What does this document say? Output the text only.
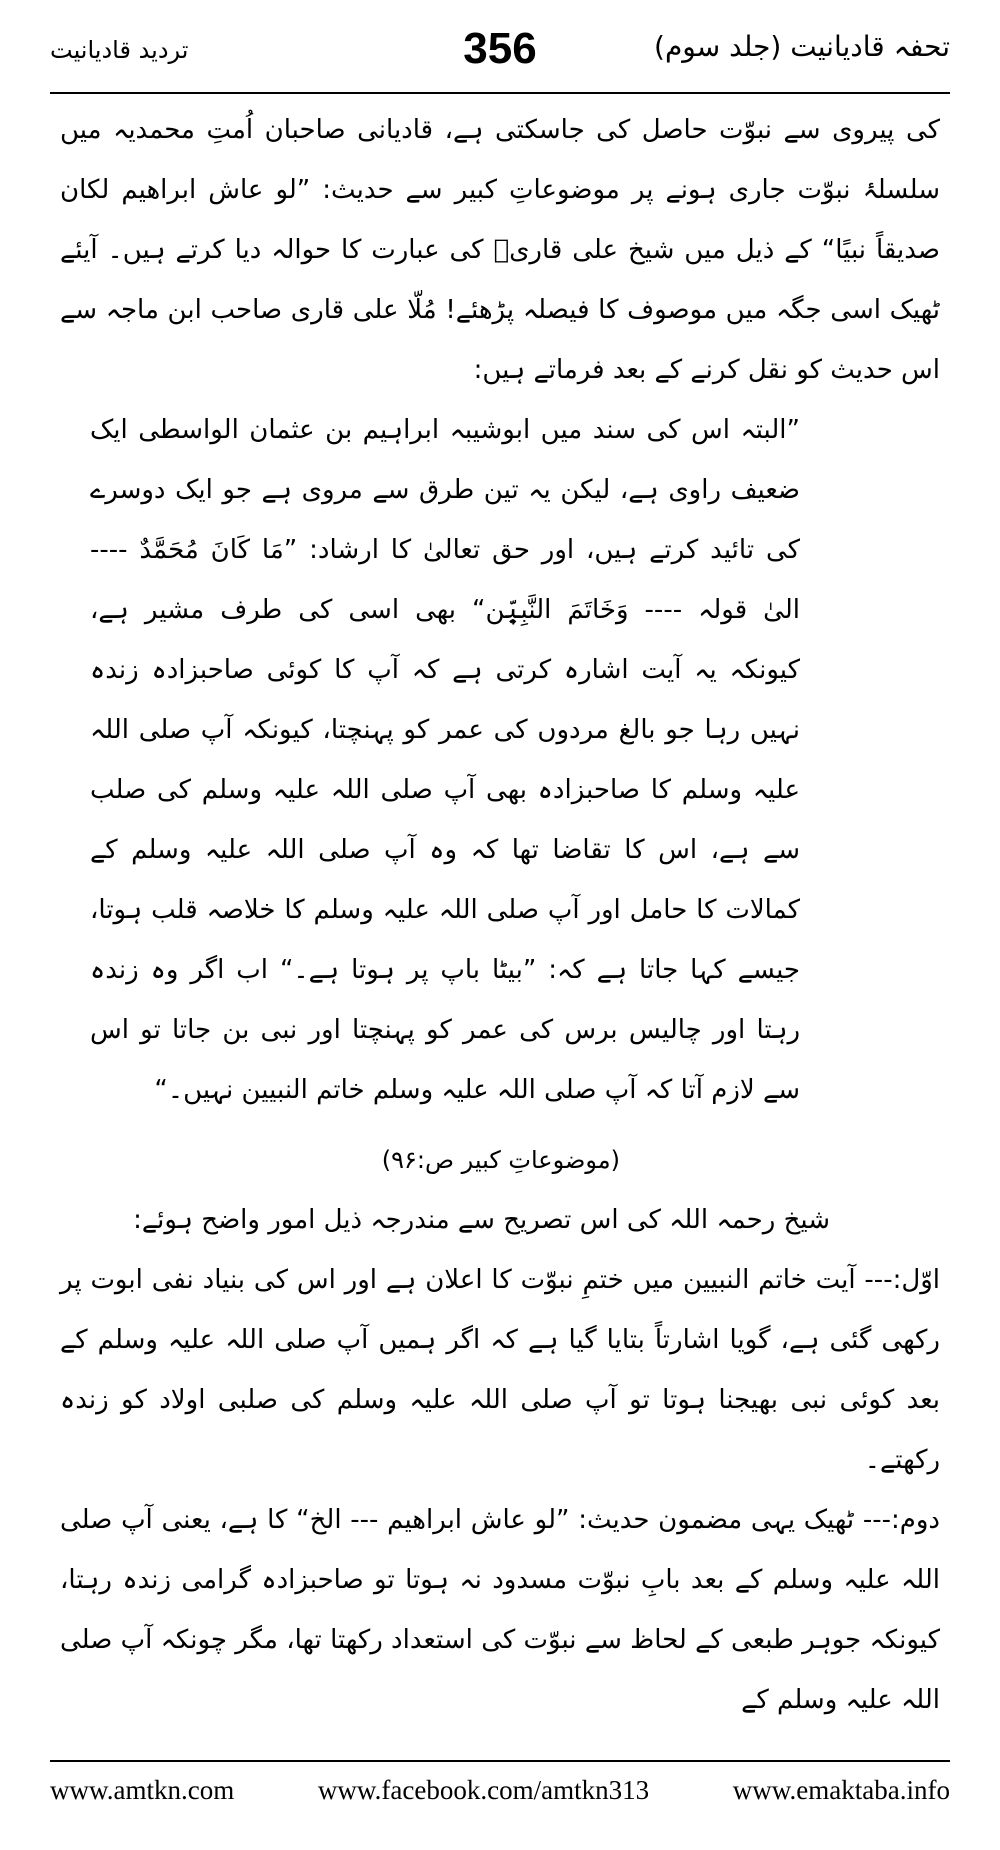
تحفہ قادیانیت (جلد سوم)
356
تردید قادیانیت

کی پیروی سے نبوّت حاصل کی جاسکتی ہے، قادیانی صاحبان اُمتِ محمدیہ میں سلسلۂ نبوّت جاری ہونے پر موضوعاتِ کبیر سے حدیث: ”لو عاش ابراھیم لکان صدیقاً نبیًا“ کے ذیل میں شیخ علی قاریؒ کی عبارت کا حوالہ دیا کرتے ہیں۔ آیئے ٹھیک اسی جگہ میں موصوف کا فیصلہ پڑھئے! مُلّا علی قاری صاحب ابن ماجہ سے اس حدیث کو نقل کرنے کے بعد فرماتے ہیں:

”البتہ اس کی سند میں ابوشیبہ ابراہیم بن عثمان الواسطی ایک ضعیف راوی ہے، لیکن یہ تین طرق سے مروی ہے جو ایک دوسرے کی تائید کرتے ہیں، اور حق تعالیٰ کا ارشاد: ”مَا کَانَ مُحَمَّدٌ ---- الیٰ قولہ ---- وَخَاتَمَ النَّبِیّٖن“ بھی اسی کی طرف مشیر ہے، کیونکہ یہ آیت اشارہ کرتی ہے کہ آپ کا کوئی صاحبزادہ زندہ نہیں رہا جو بالغ مردوں کی عمر کو پہنچتا، کیونکہ آپ صلی اللہ علیہ وسلم کا صاحبزادہ بھی آپ صلی اللہ علیہ وسلم کی صلب سے ہے، اس کا تقاضا تھا کہ وہ آپ صلی اللہ علیہ وسلم کے کمالات کا حامل اور آپ صلی اللہ علیہ وسلم کا خلاصہ قلب ہوتا، جیسے کہا جاتا ہے کہ: ”بیٹا باپ پر ہوتا ہے۔“ اب اگر وہ زندہ رہتا اور چالیس برس کی عمر کو پہنچتا اور نبی بن جاتا تو اس سے لازم آتا کہ آپ صلی اللہ علیہ وسلم خاتم النبیین نہیں۔“

(موضوعاتِ کبیر ص:۹۶)

شیخ رحمہ اللہ کی اس تصریح سے مندرجہ ذیل امور واضح ہوئے:

اوّل:--- آیت خاتم النبیین میں ختمِ نبوّت کا اعلان ہے اور اس کی بنیاد نفی ابوت پر رکھی گئی ہے، گویا اشارتاً بتایا گیا ہے کہ اگر ہمیں آپ صلی اللہ علیہ وسلم کے بعد کوئی نبی بھیجنا ہوتا تو آپ صلی اللہ علیہ وسلم کی صلبی اولاد کو زندہ رکھتے۔

دوم:--- ٹھیک یہی مضمون حدیث: ”لو عاش ابراھیم --- الخ“ کا ہے، یعنی آپ صلی اللہ علیہ وسلم کے بعد بابِ نبوّت مسدود نہ ہوتا تو صاحبزادہ گرامی زندہ رہتا، کیونکہ جوہر طبعی کے لحاظ سے نبوّت کی استعداد رکھتا تھا، مگر چونکہ آپ صلی اللہ علیہ وسلم کے

www.amtkn.com	www.facebook.com/amtkn313	www.emaktaba.info
